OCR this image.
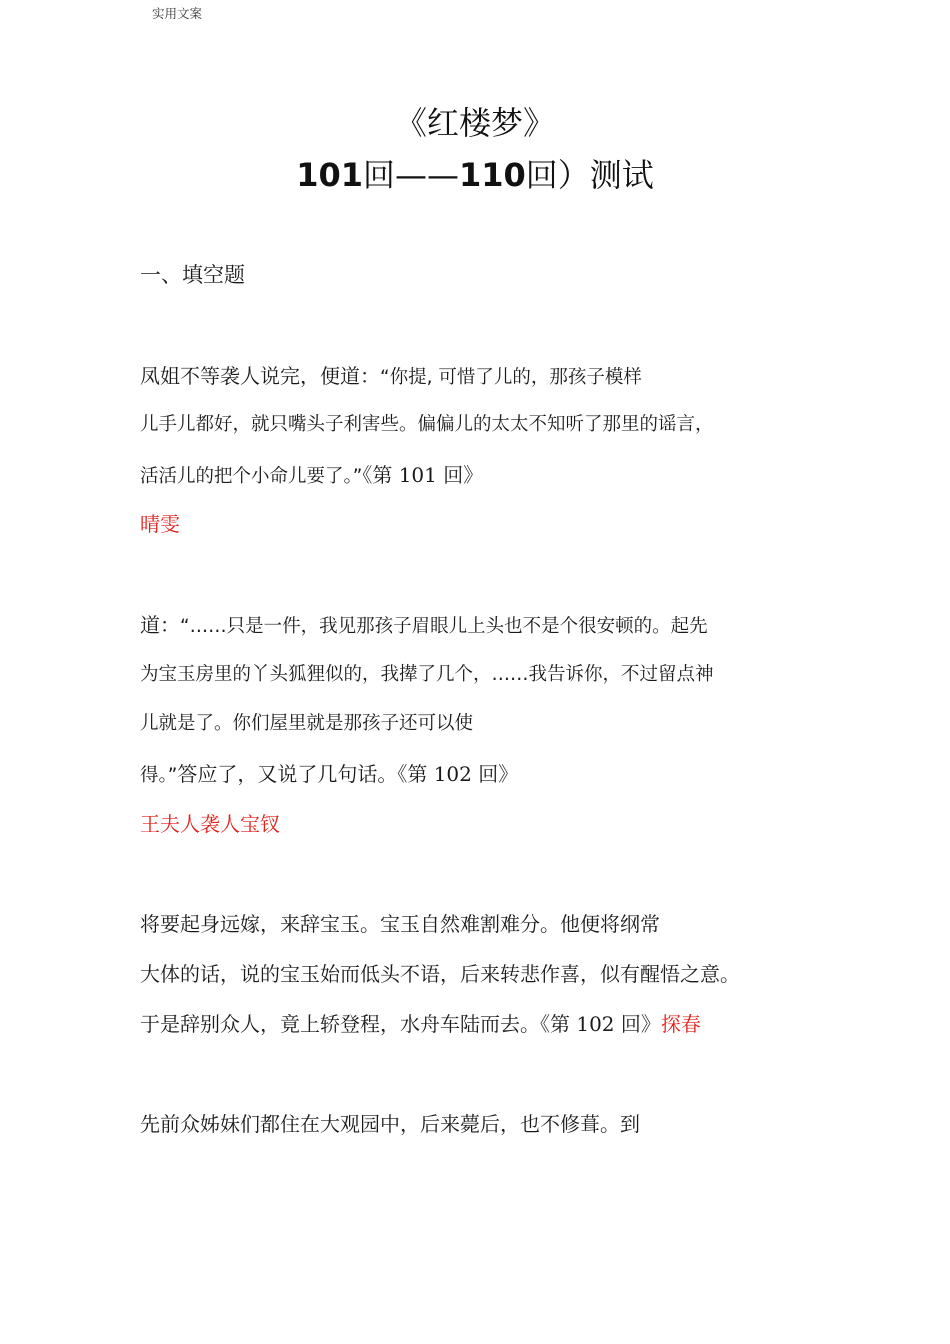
实用文案
《红楼梦》
101回——110回）测试
一、填空题
凤姐不等袭人说完，便道：“你提, 可惜了儿的，那孩子模样
儿手儿都好，就只嘴头子利害些。偏偏儿的太太不知听了那里的谣言，
活活儿的把个小命儿要了。”《第 101 回》
晴雯
道：“……只是一件，我见那孩子眉眼儿上头也不是个很安顿的。起先
为宝玉房里的丫头狐狸似的，我撵了几个，……我告诉你，不过留点神
儿就是了。你们屋里就是那孩子还可以使
得。”答应了，又说了几句话。《第 102 回》
王夫人袭人宝钗
将要起身远嫁，来辞宝玉。宝玉自然难割难分。他便将纲常
大体的话，说的宝玉始而低头不语，后来转悲作喜，似有醒悟之意。
于是辞别众人，竟上轿登程，水舟车陆而去。《第 102 回》探春
先前众姊妹们都住在大观园中，后来薨后，也不修葺。到
